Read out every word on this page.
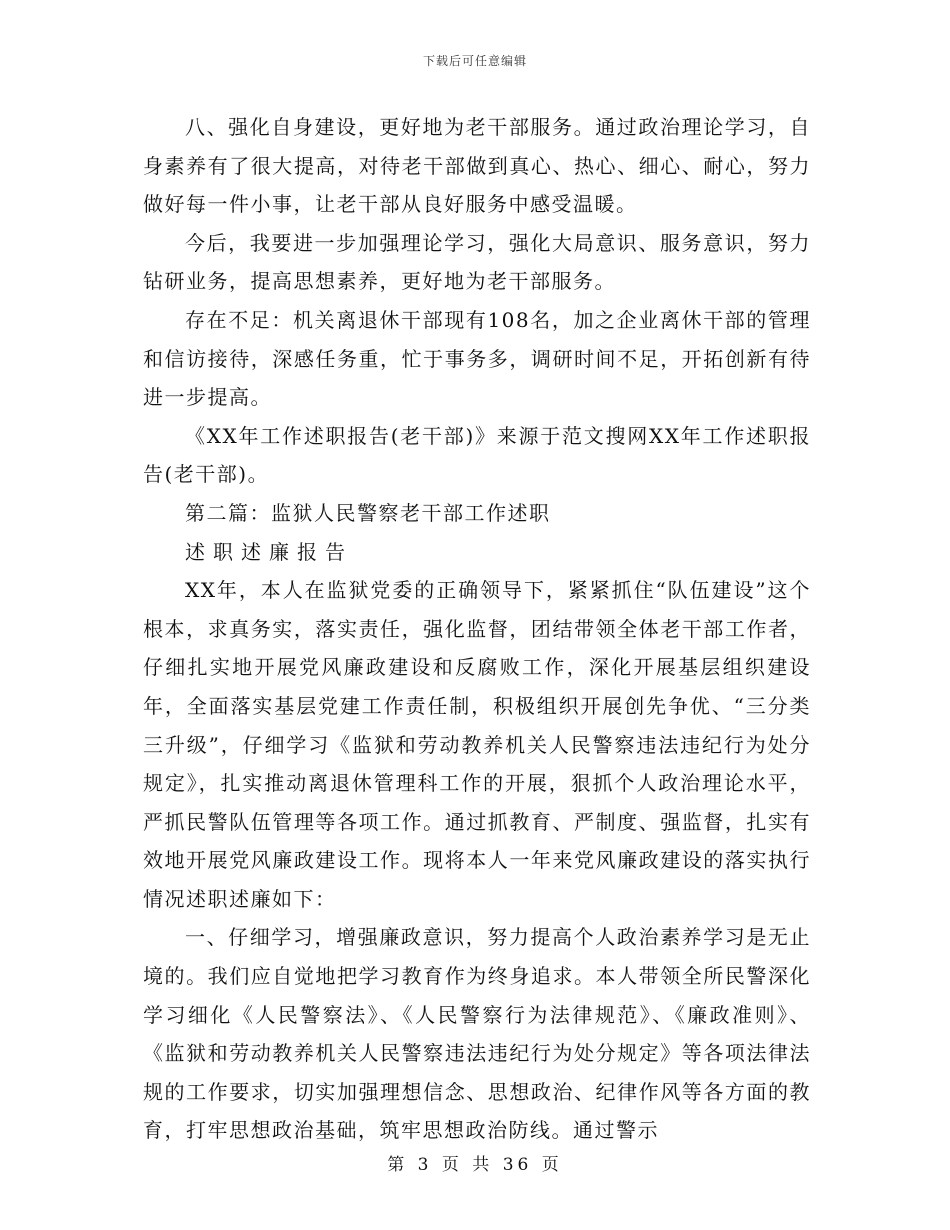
下载后可任意编辑

八、强化自身建设，更好地为老干部服务。通过政治理论学习，自身素养有了很大提高，对待老干部做到真心、热心、细心、耐心，努力做好每一件小事，让老干部从良好服务中感受温暖。

今后，我要进一步加强理论学习，强化大局意识、服务意识，努力钻研业务，提高思想素养，更好地为老干部服务。

存在不足：机关离退休干部现有108名，加之企业离休干部的管理和信访接待，深感任务重，忙于事务多，调研时间不足，开拓创新有待进一步提高。

《XX年工作述职报告(老干部)》来源于范文搜网XX年工作述职报告(老干部)。

第二篇：监狱人民警察老干部工作述职

述职述廉报告

XX年，本人在监狱党委的正确领导下，紧紧抓住“队伍建设”这个根本，求真务实，落实责任，强化监督，团结带领全体老干部工作者，仔细扎实地开展党风廉政建设和反腐败工作，深化开展基层组织建设年，全面落实基层党建工作责任制，积极组织开展创先争优、“三分类三升级”，仔细学习《监狱和劳动教养机关人民警察违法违纪行为处分规定》，扎实推动离退休管理科工作的开展，狠抓个人政治理论水平，严抓民警队伍管理等各项工作。通过抓教育、严制度、强监督，扎实有效地开展党风廉政建设工作。现将本人一年来党风廉政建设的落实执行情况述职述廉如下：

一、仔细学习，增强廉政意识，努力提高个人政治素养学习是无止境的。我们应自觉地把学习教育作为终身追求。本人带领全所民警深化学习细化《人民警察法》、《人民警察行为法律规范》、《廉政准则》、《监狱和劳动教养机关人民警察违法违纪行为处分规定》等各项法律法规的工作要求，切实加强理想信念、思想政治、纪律作风等各方面的教育，打牢思想政治基础，筑牢思想政治防线。通过警示

第 3 页 共 36 页
